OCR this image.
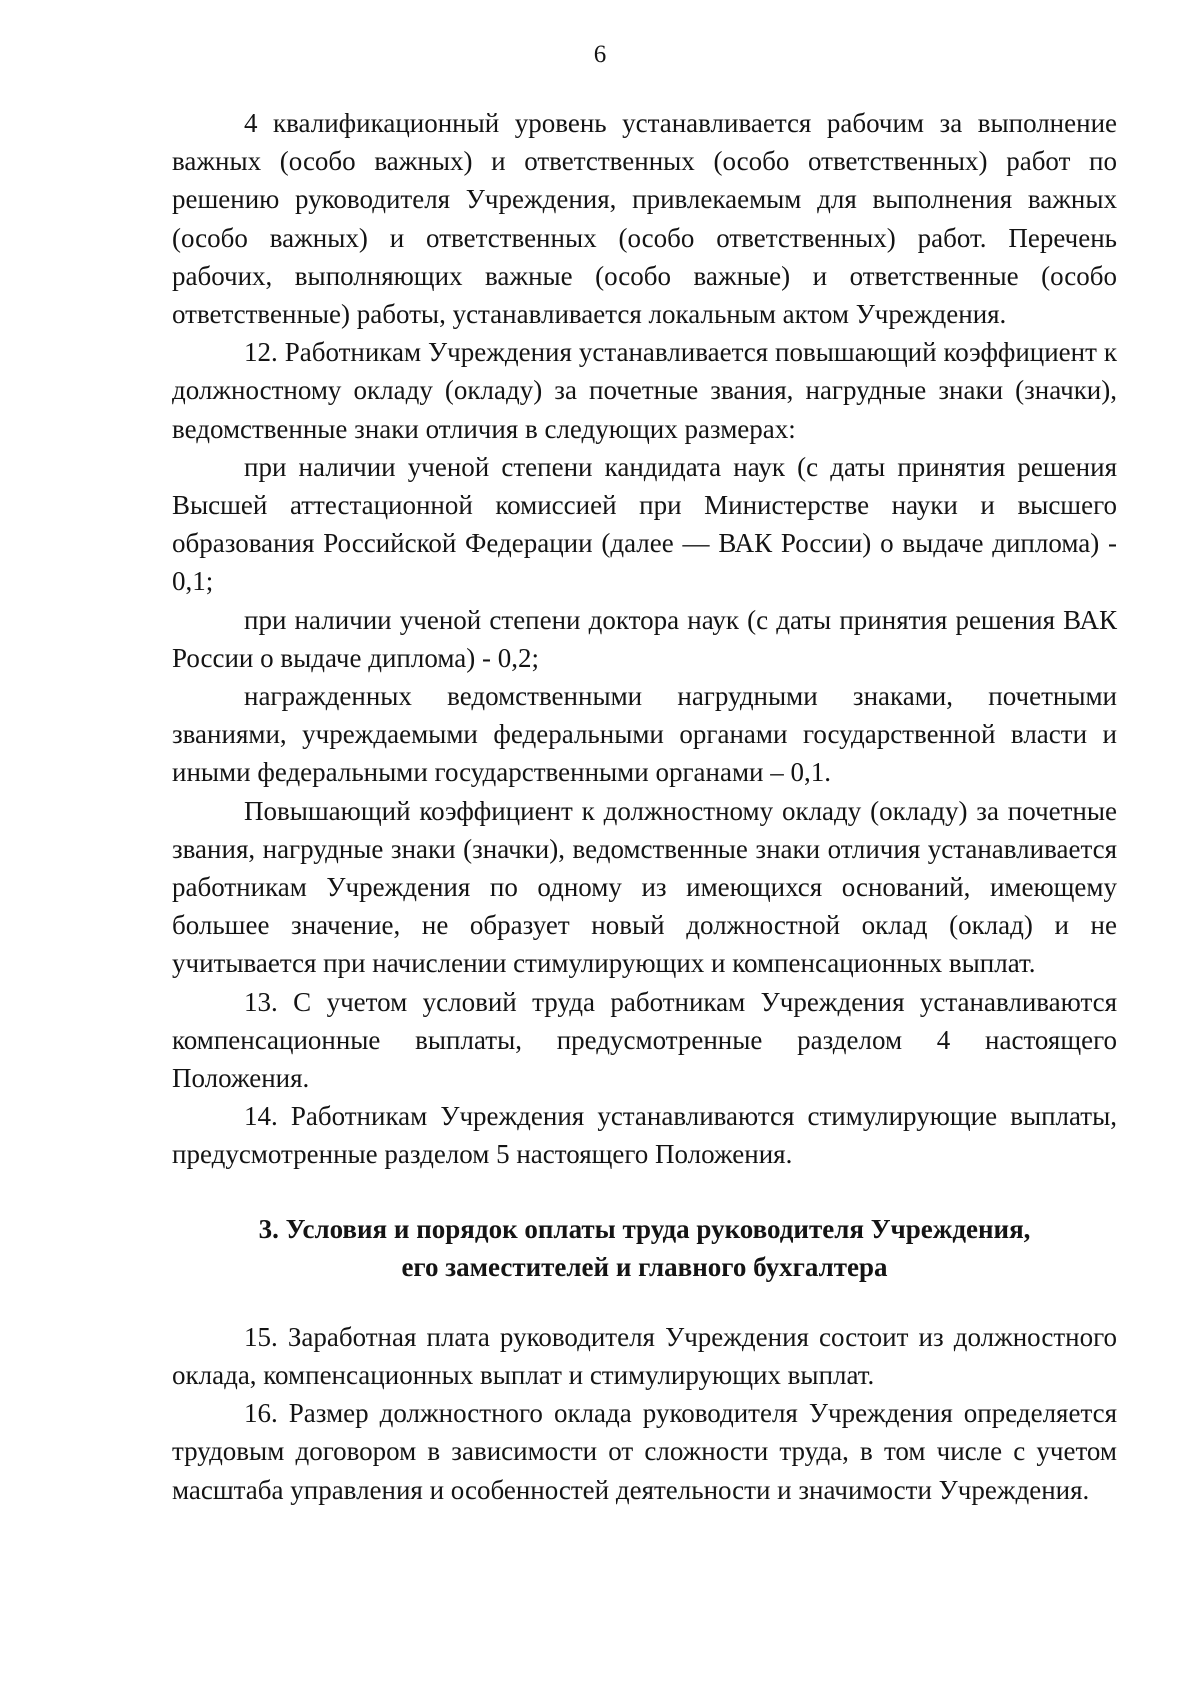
6

4 квалификационный уровень устанавливается рабочим за выполнение важных (особо важных) и ответственных (особо ответственных) работ по решению руководителя Учреждения, привлекаемым для выполнения важных (особо важных) и ответственных (особо ответственных) работ. Перечень рабочих, выполняющих важные (особо важные) и ответственные (особо ответственные) работы, устанавливается локальным актом Учреждения.

12. Работникам Учреждения устанавливается повышающий коэффициент к должностному окладу (окладу) за почетные звания, нагрудные знаки (значки), ведомственные знаки отличия в следующих размерах:

при наличии ученой степени кандидата наук (с даты принятия решения Высшей аттестационной комиссией при Министерстве науки и высшего образования Российской Федерации (далее — ВАК России) о выдаче диплома) - 0,1;

при наличии ученой степени доктора наук (с даты принятия решения ВАК России о выдаче диплома) - 0,2;

награжденных ведомственными нагрудными знаками, почетными званиями, учреждаемыми федеральными органами государственной власти и иными федеральными государственными органами – 0,1.

Повышающий коэффициент к должностному окладу (окладу) за почетные звания, нагрудные знаки (значки), ведомственные знаки отличия устанавливается работникам Учреждения по одному из имеющихся оснований, имеющему большее значение, не образует новый должностной оклад (оклад) и не учитывается при начислении стимулирующих и компенсационных выплат.

13. С учетом условий труда работникам Учреждения устанавливаются компенсационные выплаты, предусмотренные разделом 4 настоящего Положения.

14. Работникам Учреждения устанавливаются стимулирующие выплаты, предусмотренные разделом 5 настоящего Положения.

3. Условия и порядок оплаты труда руководителя Учреждения,
его заместителей и главного бухгалтера

15. Заработная плата руководителя Учреждения состоит из должностного оклада, компенсационных выплат и стимулирующих выплат.

16. Размер должностного оклада руководителя Учреждения определяется трудовым договором в зависимости от сложности труда, в том числе с учетом масштаба управления и особенностей деятельности и значимости Учреждения.
